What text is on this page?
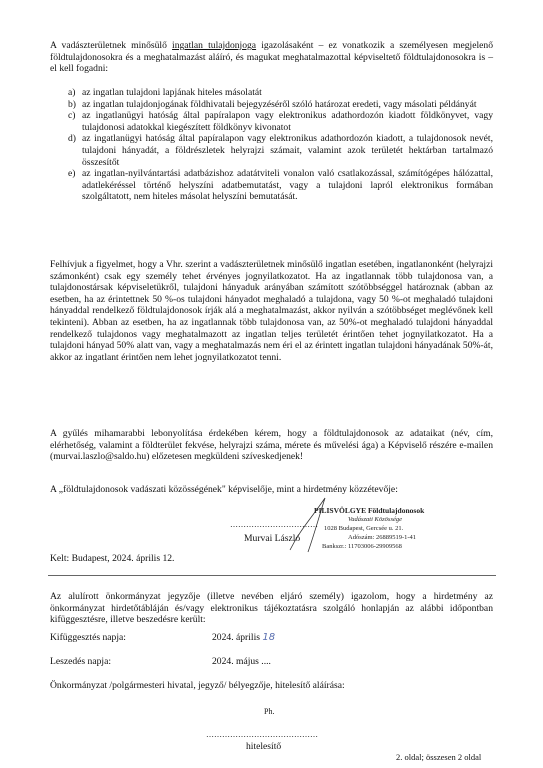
A vadászterületnek minősülő ingatlan tulajdonjoga igazolásaként – ez vonatkozik a személyesen megjelenő földtulajdonosokra és a meghatalmazást aláíró, és magukat meghatalmazottal képviseltető földtulajdonosokra is – el kell fogadni:
a) az ingatlan tulajdoni lapjának hiteles másolatát
b) az ingatlan tulajdonjogának földhivatali bejegyzéséről szóló határozat eredeti, vagy másolati példányát
c) az ingatlanügyi hatóság által papíralapon vagy elektronikus adathordozón kiadott földkönyvet, vagy tulajdonosi adatokkal kiegészített földkönyv kivonatot
d) az ingatlanügyi hatóság által papíralapon vagy elektronikus adathordozón kiadott, a tulajdonosok nevét, tulajdoni hányadát, a földrészletek helyrajzi számait, valamint azok területét hektárban tartalmazó összesítőt
e) az ingatlan-nyilvántartási adatbázishoz adatátviteli vonalon való csatlakozással, számítógépes hálózattal, adatlekéréssel történő helyszíni adatbemutatást, vagy a tulajdoni lapról elektronikus formában szolgáltatott, nem hiteles másolat helyszíni bemutatását.
Felhívjuk a figyelmet, hogy a Vhr. szerint a vadászterületnek minősülő ingatlan esetében, ingatlanonként (helyrajzi számonként) csak egy személy tehet érvényes jognyilatkozatot. Ha az ingatlannak több tulajdonosa van, a tulajdonostársak képviseletükről, tulajdoni hányaduk arányában számított szótöbbséggel határoznak (abban az esetben, ha az érintettnek 50 %-os tulajdoni hányadot meghaladó a tulajdona, vagy 50 %-ot meghaladó tulajdoni hányaddal rendelkező földtulajdonosok írják alá a meghatalmazást, akkor nyilván a szótöbbséget meglévőnek kell tekinteni). Abban az esetben, ha az ingatlannak több tulajdonosa van, az 50%-ot meghaladó tulajdoni hányaddal rendelkező tulajdonos vagy meghatalmazott az ingatlan teljes területét érintően tehet jognyilatkozatot. Ha a tulajdoni hányad 50% alatt van, vagy a meghatalmazás nem éri el az érintett ingatlan tulajdoni hányadának 50%-át, akkor az ingatlant érintően nem lehet jognyilatkozatot tenni.
A gyűlés mihamarabbi lebonyolítása érdekében kérem, hogy a földtulajdonosok az adataikat (név, cím, elérhetőség, valamint a földterület fekvése, helyrajzi száma, mérete és művelési ága) a Képviselő részére e-mailen (murvai.laszlo@saldo.hu) előzetesen megküldeni szíveskedjenek!
A „földtulajdonosok vadászati közösségének" képviselője, mint a hirdetmény közzétevője:
……………………………
Murvai László
PILISVÖLGYE Földtulajdonosok
Vadászati Közössége
1028 Budapest, Gercsée u. 21.
Adószám: 26889519-1-41
Bankszr.: 11703006-29909568
Kelt: Budapest, 2024. április 12.
Az alulírott önkormányzat jegyzője (illetve nevében eljáró személy) igazolom, hogy a hirdetmény az önkormányzat hirdetőtábláján és/vagy elektronikus tájékoztatásra szolgáló honlapján az alábbi időpontban kifüggesztésre, illetve beszedésre került:
Kifüggesztés napja:	2024. április 18
Leszedés napja:	2024. május ....
Önkormányzat /polgármesteri hivatal, jegyző/ bélyegzője, hitelesítő aláírása:
Ph.
……………………………………
hitelesítő
2. oldal; összesen 2 oldal
